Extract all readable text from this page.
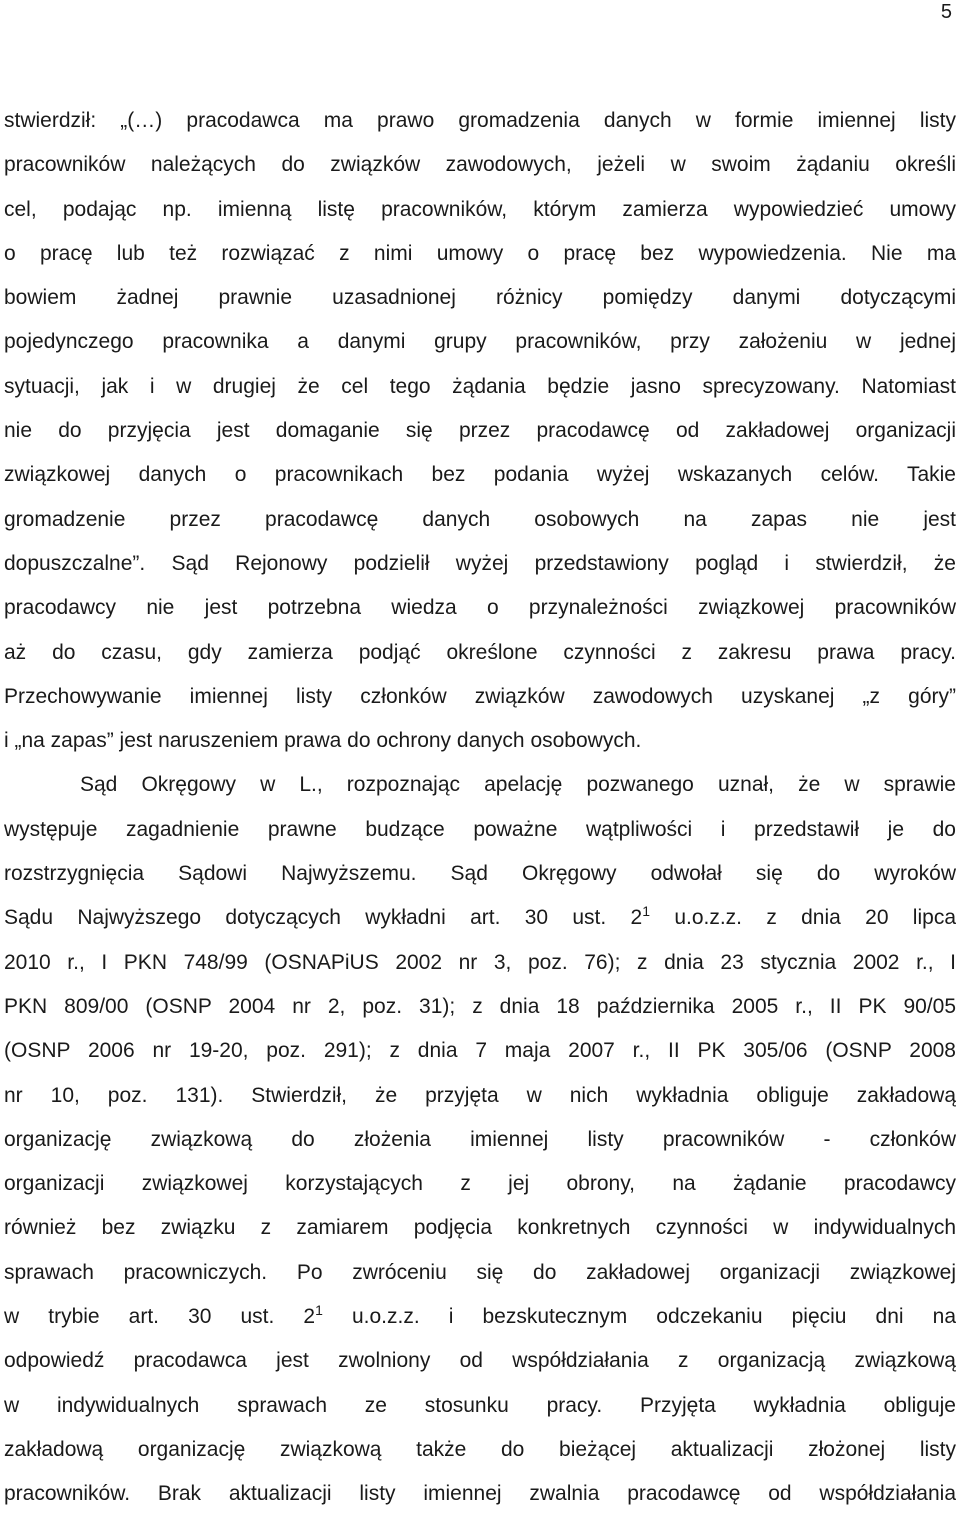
5
stwierdził: „(…) pracodawca ma prawo gromadzenia danych w formie imiennej listy
pracowników należących do związków zawodowych, jeżeli w swoim żądaniu określi
cel, podając np. imienną listę pracowników, którym zamierza wypowiedzieć umowy
o pracę lub też rozwiązać z nimi umowy o pracę bez wypowiedzenia. Nie ma
bowiem żadnej prawnie uzasadnionej różnicy pomiędzy danymi dotyczącymi
pojedynczego pracownika a danymi grupy pracowników, przy założeniu w jednej
sytuacji, jak i w drugiej że cel tego żądania będzie jasno sprecyzowany. Natomiast
nie do przyjęcia jest domaganie się przez pracodawcę od zakładowej organizacji
związkowej danych o pracownikach bez podania wyżej wskazanych celów. Takie
gromadzenie przez pracodawcę danych osobowych na zapas nie jest
dopuszczalne”. Sąd Rejonowy podzielił wyżej przedstawiony pogląd i stwierdził, że
pracodawcy nie jest potrzebna wiedza o przynależności związkowej pracowników
aż do czasu, gdy zamierza podjąć określone czynności z zakresu prawa pracy.
Przechowywanie imiennej listy członków związków zawodowych uzyskanej „z góry”
i „na zapas” jest naruszeniem prawa do ochrony danych osobowych.
Sąd Okręgowy w L., rozpoznając apelację pozwanego uznał, że w sprawie
występuje zagadnienie prawne budzące poważne wątpliwości i przedstawił je do
rozstrzygnięcia Sądowi Najwyższemu. Sąd Okręgowy odwołał się do wyroków
Sądu Najwyższego dotyczących wykładni art. 30 ust. $2^1$ u.o.z.z. z dnia 20 lipca
2010 r., I PKN 748/99 (OSNAPiUS 2002 nr 3, poz. 76); z dnia 23 stycznia 2002 r., I
PKN 809/00 (OSNP 2004 nr 2, poz. 31); z dnia 18 października 2005 r., II PK 90/05
(OSNP 2006 nr 19-20, poz. 291); z dnia 7 maja 2007 r., II PK 305/06 (OSNP 2008
nr 10, poz. 131). Stwierdził, że przyjęta w nich wykładnia obliguje zakładową
organizację związkową do złożenia imiennej listy pracowników - członków
organizacji związkowej korzystających z jej obrony, na żądanie pracodawcy
również bez związku z zamiarem podjęcia konkretnych czynności w indywidualnych
sprawach pracowniczych. Po zwróceniu się do zakładowej organizacji związkowej
w trybie art. 30 ust. $2^1$ u.o.z.z. i bezskutecznym odczekaniu pięciu dni na
odpowiedź pracodawca jest zwolniony od współdziałania z organizacją związkową
w indywidualnych sprawach ze stosunku pracy. Przyjęta wykładnia obliguje
zakładową organizację związkową także do bieżącej aktualizacji złożonej listy
pracowników. Brak aktualizacji listy imiennej zwalnia pracodawcę od współdziałania
